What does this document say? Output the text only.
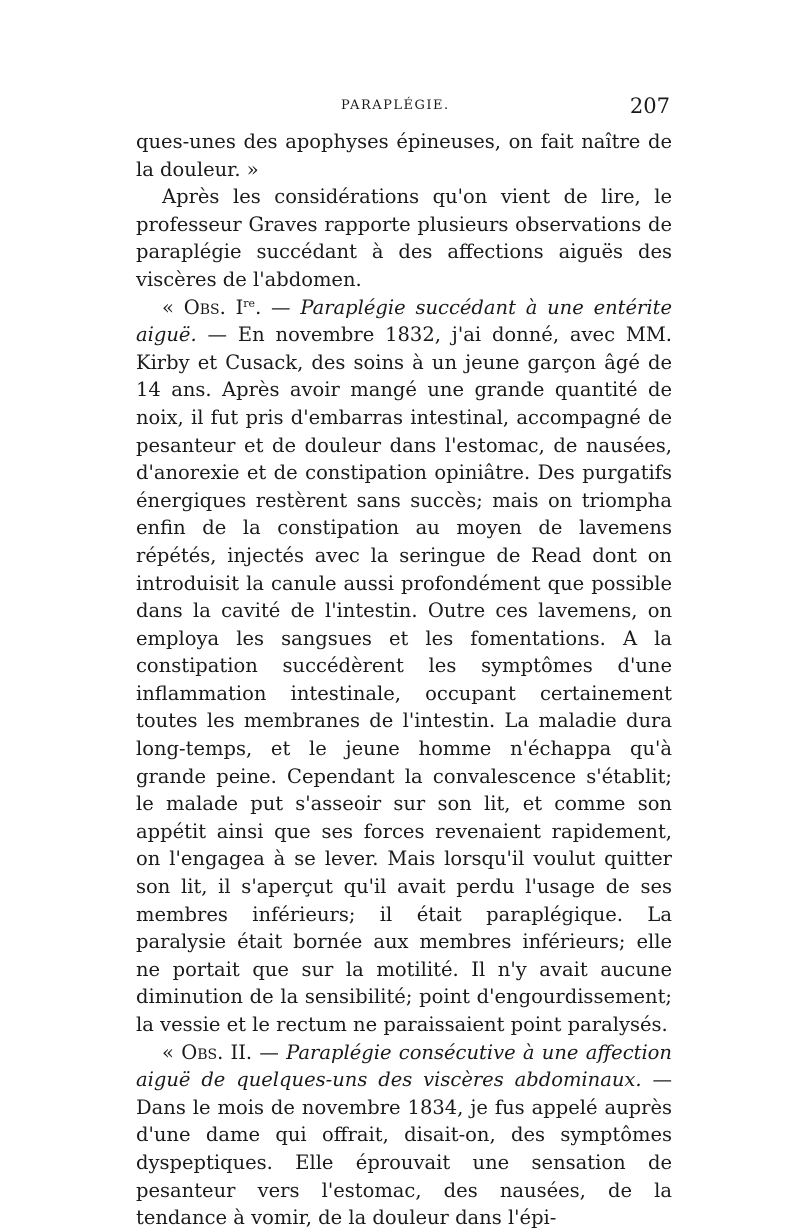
PARAPLÉGIE.	207

ques-unes des apophyses épineuses, on fait naître de la douleur. »

Après les considérations qu'on vient de lire, le professeur Graves rapporte plusieurs observations de paraplégie succédant à des affections aiguës des viscères de l'abdomen.

« Obs. Ire. — Paraplégie succédant à une entérite aiguë. — En novembre 1832, j'ai donné, avec MM. Kirby et Cusack, des soins à un jeune garçon âgé de 14 ans. Après avoir mangé une grande quantité de noix, il fut pris d'embarras intestinal, accompagné de pesanteur et de douleur dans l'estomac, de nausées, d'anorexie et de constipation opiniâtre. Des purgatifs énergiques restèrent sans succès; mais on triompha enfin de la constipation au moyen de lavemens répétés, injectés avec la seringue de Read dont on introduisit la canule aussi profondément que possible dans la cavité de l'intestin. Outre ces lavemens, on employa les sangsues et les fomentations. A la constipation succédèrent les symptômes d'une inflammation intestinale, occupant certainement toutes les membranes de l'intestin. La maladie dura long-temps, et le jeune homme n'échappa qu'à grande peine. Cependant la convalescence s'établit; le malade put s'asseoir sur son lit, et comme son appétit ainsi que ses forces revenaient rapidement, on l'engagea à se lever. Mais lorsqu'il voulut quitter son lit, il s'aperçut qu'il avait perdu l'usage de ses membres inférieurs; il était paraplégique. La paralysie était bornée aux membres inférieurs; elle ne portait que sur la motilité. Il n'y avait aucune diminution de la sensibilité; point d'engourdissement; la vessie et le rectum ne paraissaient point paralysés.

« Obs. II. — Paraplégie consécutive à une affection aiguë de quelques-uns des viscères abdominaux. — Dans le mois de novembre 1834, je fus appelé auprès d'une dame qui offrait, disait-on, des symptômes dyspeptiques. Elle éprouvait une sensation de pesanteur vers l'estomac, des nausées, de la tendance à vomir, de la douleur dans l'épi-
